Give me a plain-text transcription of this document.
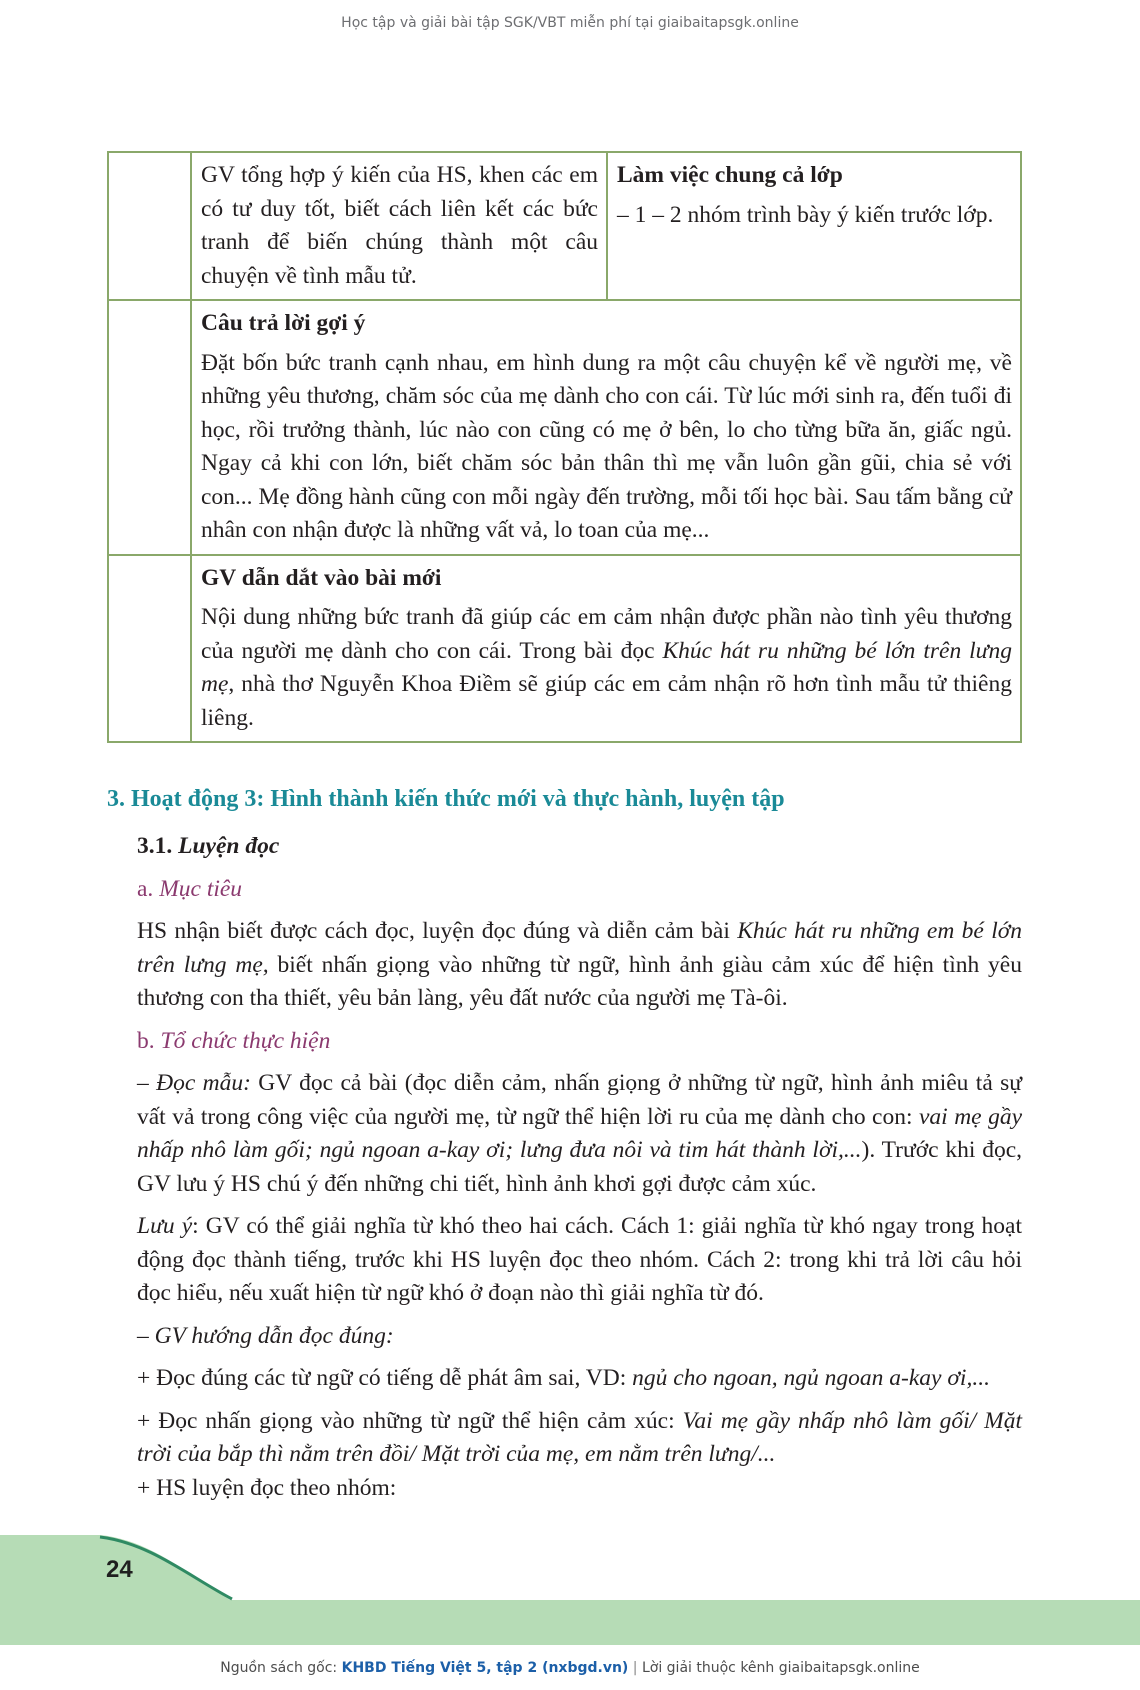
Học tập và giải bài tập SGK/VBT miễn phí tại giaibaitapsgk.online

	GV tổng hợp ý kiến của HS, khen các em có tư duy tốt, biết cách liên kết các bức tranh để biến chúng thành một câu chuyện về tình mẫu tử.	Làm việc chung cả lớp
– 1 – 2 nhóm trình bày ý kiến trước lớp.

	Câu trả lời gợi ý
Đặt bốn bức tranh cạnh nhau, em hình dung ra một câu chuyện kể về người mẹ, về những yêu thương, chăm sóc của mẹ dành cho con cái. Từ lúc mới sinh ra, đến tuổi đi học, rồi trưởng thành, lúc nào con cũng có mẹ ở bên, lo cho từng bữa ăn, giấc ngủ. Ngay cả khi con lớn, biết chăm sóc bản thân thì mẹ vẫn luôn gần gũi, chia sẻ với con... Mẹ đồng hành cũng con mỗi ngày đến trường, mỗi tối học bài. Sau tấm bằng cử nhân con nhận được là những vất vả, lo toan của mẹ...	

	GV dẫn dắt vào bài mới
Nội dung những bức tranh đã giúp các em cảm nhận được phần nào tình yêu thương của người mẹ dành cho con cái. Trong bài đọc Khúc hát ru những bé lớn trên lưng mẹ, nhà thơ Nguyễn Khoa Điềm sẽ giúp các em cảm nhận rõ hơn tình mẫu tử thiêng liêng.	
3. Hoạt động 3: Hình thành kiến thức mới và thực hành, luyện tập

3.1. Luyện đọc

a. Mục tiêu

HS nhận biết được cách đọc, luyện đọc đúng và diễn cảm bài Khúc hát ru những em bé lớn trên lưng mẹ, biết nhấn giọng vào những từ ngữ, hình ảnh giàu cảm xúc để hiện tình yêu thương con tha thiết, yêu bản làng, yêu đất nước của người mẹ Tà-ôi.

b. Tổ chức thực hiện

– Đọc mẫu: GV đọc cả bài (đọc diễn cảm, nhấn giọng ở những từ ngữ, hình ảnh miêu tả sự vất vả trong công việc của người mẹ, từ ngữ thể hiện lời ru của mẹ dành cho con: vai mẹ gầy nhấp nhô làm gối; ngủ ngoan a-kay ơi; lưng đưa nôi và tim hát thành lời,...). Trước khi đọc, GV lưu ý HS chú ý đến những chi tiết, hình ảnh khơi gợi được cảm xúc.

Lưu ý: GV có thể giải nghĩa từ khó theo hai cách. Cách 1: giải nghĩa từ khó ngay trong hoạt động đọc thành tiếng, trước khi HS luyện đọc theo nhóm. Cách 2: trong khi trả lời câu hỏi đọc hiểu, nếu xuất hiện từ ngữ khó ở đoạn nào thì giải nghĩa từ đó.

– GV hướng dẫn đọc đúng:

+ Đọc đúng các từ ngữ có tiếng dễ phát âm sai, VD: ngủ cho ngoan, ngủ ngoan a-kay ơi,...

+ Đọc nhấn giọng vào những từ ngữ thể hiện cảm xúc: Vai mẹ gầy nhấp nhô làm gối/ Mặt trời của bắp thì nằm trên đồi/ Mặt trời của mẹ, em nằm trên lưng/...

+ HS luyện đọc theo nhóm:

24
Nguồn sách gốc: KHBD Tiếng Việt 5, tập 2 (nxbgd.vn) | Lời giải thuộc kênh giaibaitapsgk.online
